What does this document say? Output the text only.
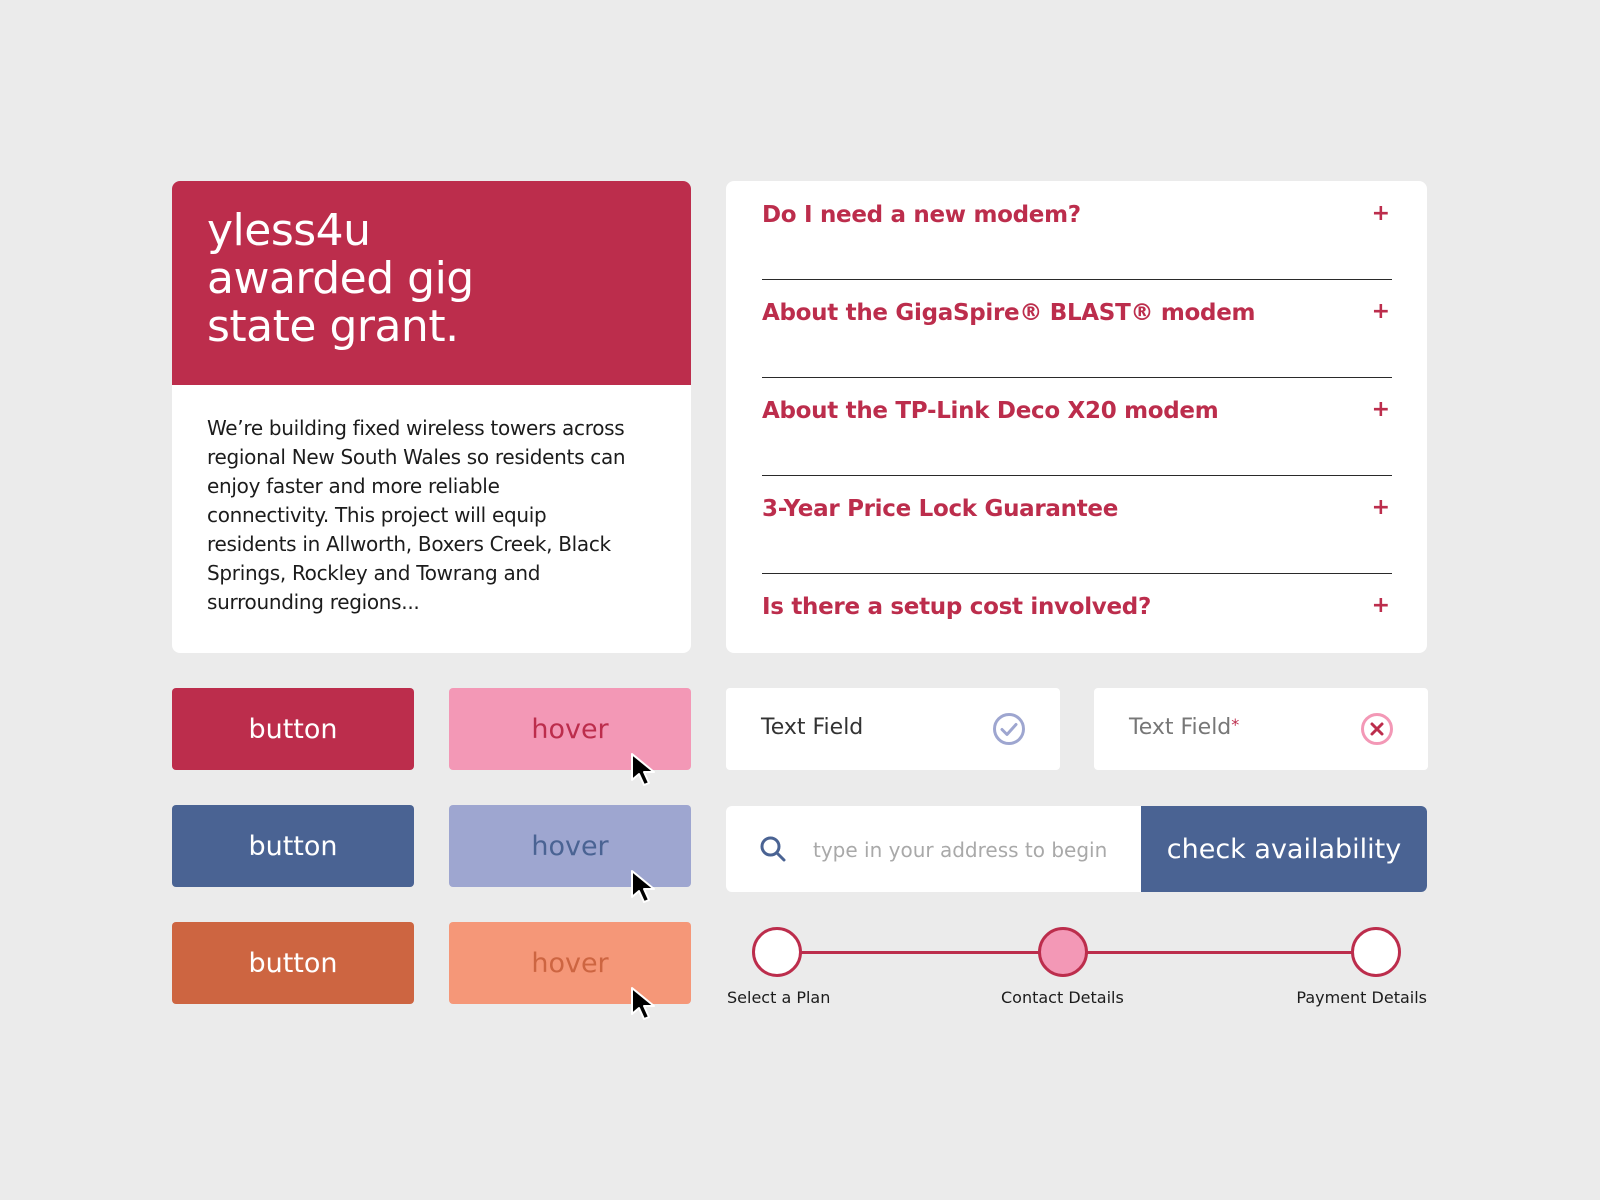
yless4u
awarded gig
state grant.

We’re building fixed wireless towers across regional New South Wales so residents can enjoy faster and more reliable connectivity. This project will equip residents in Allworth, Boxers Creek, Black Springs, Rockley and Towrang and surrounding regions...

Do I need a new modem?	+
About the GigaSpire® BLAST® modem	+
About the TP-Link Deco X20 modem	+
3-Year Price Lock Guarantee	+
Is there a setup cost involved?	+
button	hover
button	hover
button	hover
Text Field	Text Field*
type in your address to begin
check availability
Select a Plan	Contact Details	Payment Details
